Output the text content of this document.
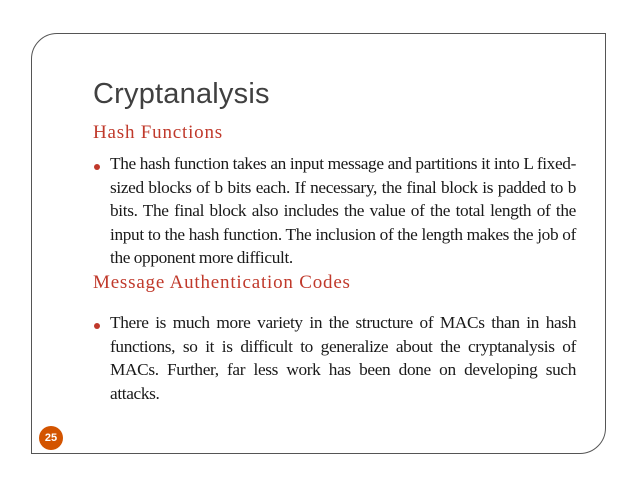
Cryptanalysis
Hash Functions
The hash function takes an input message and partitions it into L fixed-sized blocks of b bits each. If necessary, the final block is padded to b bits. The final block also includes the value of the total length of the input to the hash function. The inclusion of the length makes the job of the opponent more difficult.
Message Authentication Codes
There is much more variety in the structure of MACs than in hash functions, so it is difficult to generalize about the cryptanalysis of MACs. Further, far less work has been done on developing such attacks.
25
